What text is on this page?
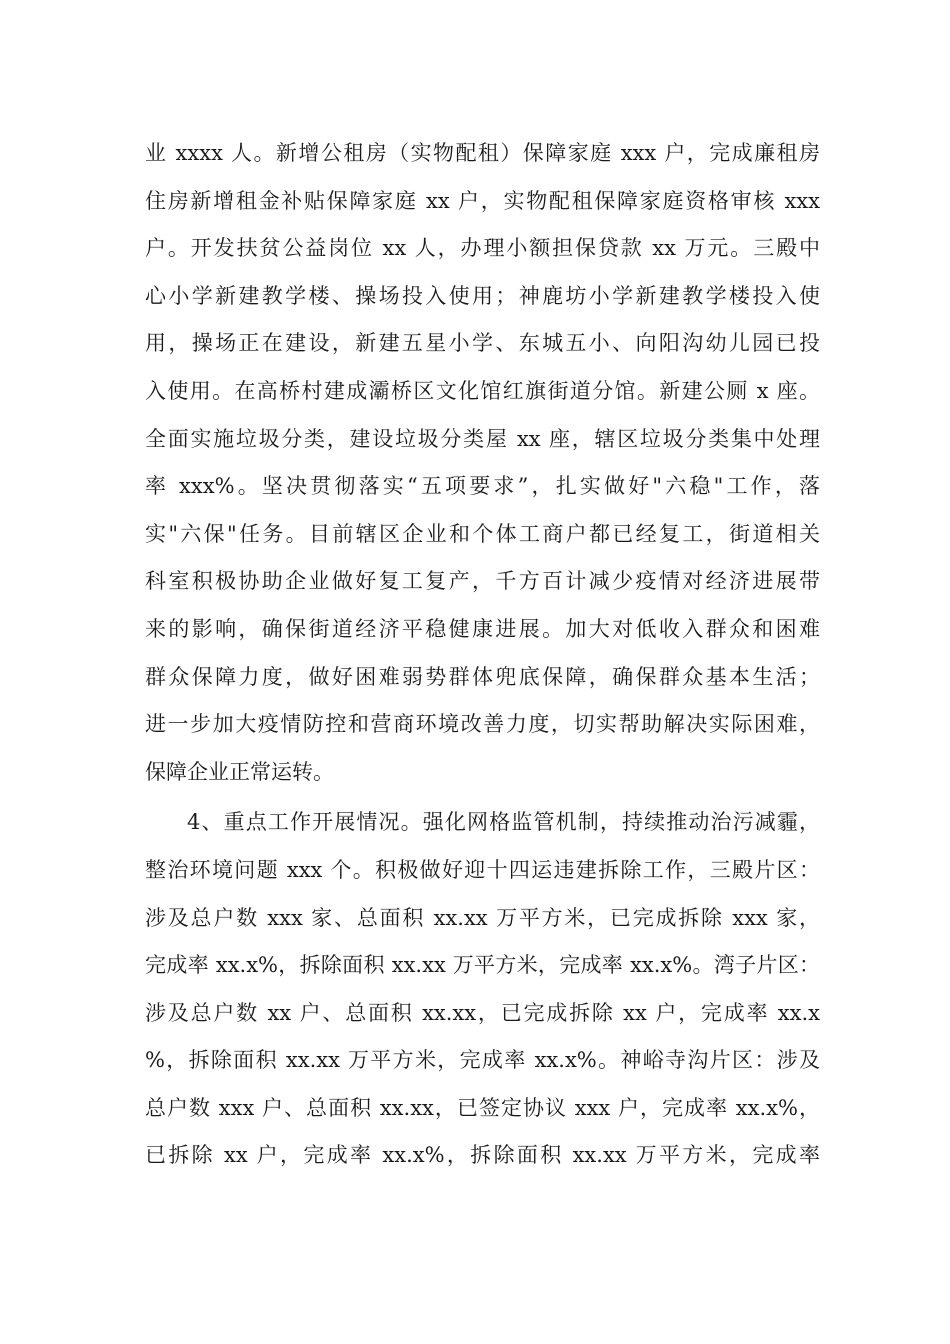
业 xxxx 人。新增公租房（实物配租）保障家庭 xxx 户，完成廉租房
住房新增租金补贴保障家庭 xx 户，实物配租保障家庭资格审核 xxx
户。开发扶贫公益岗位 xx 人，办理小额担保贷款 xx 万元。三殿中
心小学新建教学楼、操场投入使用；神鹿坊小学新建教学楼投入使
用，操场正在建设，新建五星小学、东城五小、向阳沟幼儿园已投
入使用。在高桥村建成灞桥区文化馆红旗街道分馆。新建公厕 x 座。
全面实施垃圾分类，建设垃圾分类屋 xx 座，辖区垃圾分类集中处理
率 xxx%。坚决贯彻落实“五项要求”，扎实做好"六稳"工作，落
实"六保"任务。目前辖区企业和个体工商户都已经复工，街道相关
科室积极协助企业做好复工复产，千方百计减少疫情对经济进展带
来的影响，确保街道经济平稳健康进展。加大对低收入群众和困难
群众保障力度，做好困难弱势群体兜底保障，确保群众基本生活；
进一步加大疫情防控和营商环境改善力度，切实帮助解决实际困难，
保障企业正常运转。
4、重点工作开展情况。强化网格监管机制，持续推动治污减霾，
整治环境问题 xxx 个。积极做好迎十四运违建拆除工作，三殿片区：
涉及总户数 xxx 家、总面积 xx.xx 万平方米，已完成拆除 xxx 家，
完成率 xx.x%，拆除面积 xx.xx 万平方米，完成率 xx.x%。湾子片区：
涉及总户数 xx 户、总面积 xx.xx，已完成拆除 xx 户，完成率 xx.x
%，拆除面积 xx.xx 万平方米，完成率 xx.x%。神峪寺沟片区：涉及
总户数 xxx 户、总面积 xx.xx，已签定协议 xxx 户，完成率 xx.x%，
已拆除 xx 户，完成率 xx.x%，拆除面积 xx.xx 万平方米，完成率
